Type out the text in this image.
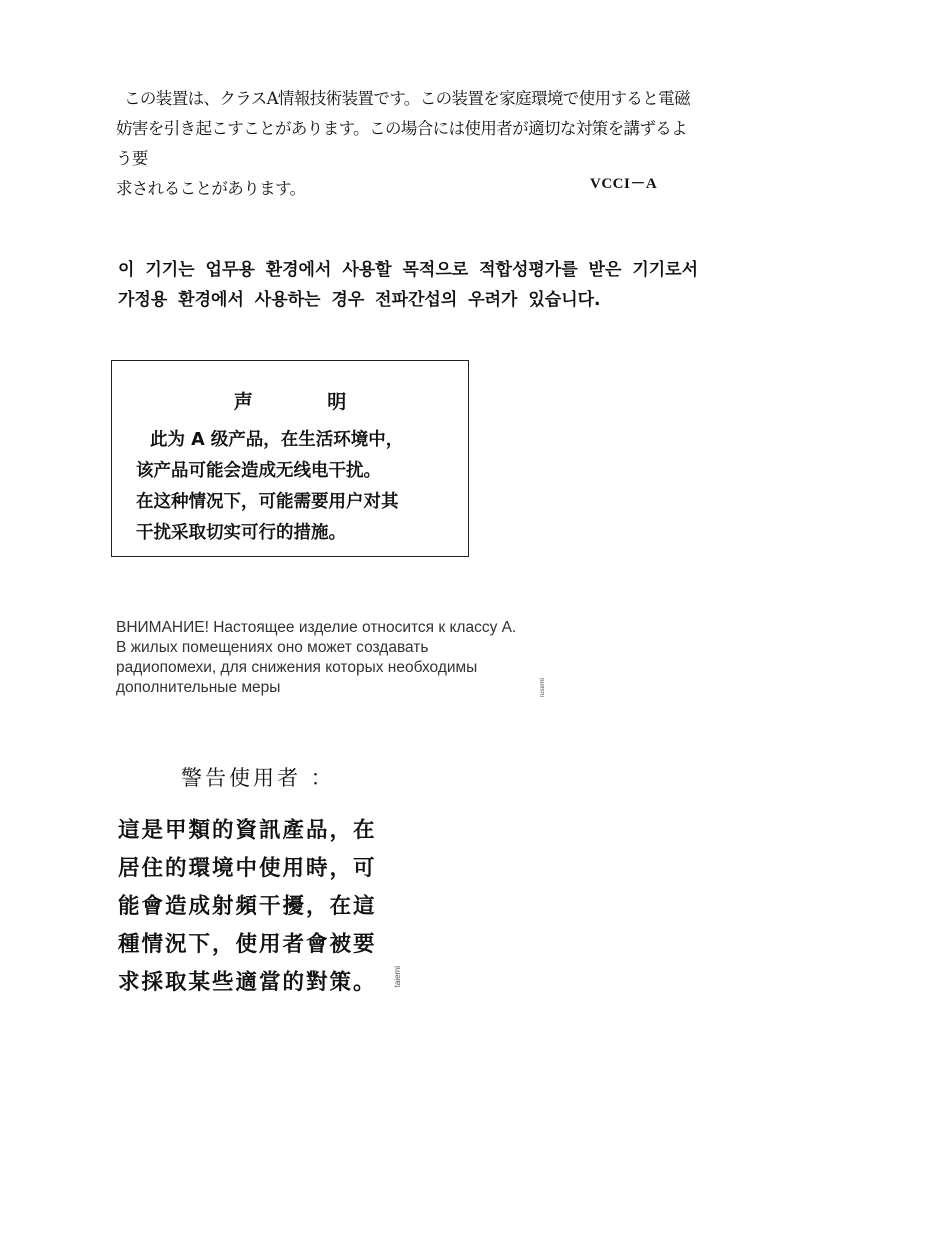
この装置は、クラスA情報技術装置です。この装置を家庭環境で使用すると電磁
妨害を引き起こすことがあります。この場合には使用者が適切な対策を講ずるよう要
求されることがあります。	VCCI－A
이 기기는 업무용 환경에서 사용할 목적으로 적합성평가를 받은 기기로서
가정용 환경에서 사용하는 경우 전파간섭의 우려가 있습니다.
声 明
此为 A 级产品，在生活环境中，
该产品可能会造成无线电干扰。
在这种情况下，可能需要用户对其
干扰采取切实可行的措施。
ВНИМАНИЕ! Настоящее изделие относится к классу А.
В жилых помещениях оно может создавать
радиопомехи, для снижения которых необходимы
дополнительные меры	rusemi
警告使用者 ：
這是甲類的資訊產品，在
居住的環境中使用時，可
能會造成射頻干擾，在這
種情況下，使用者會被要
求採取某些適當的對策。	taiemi
